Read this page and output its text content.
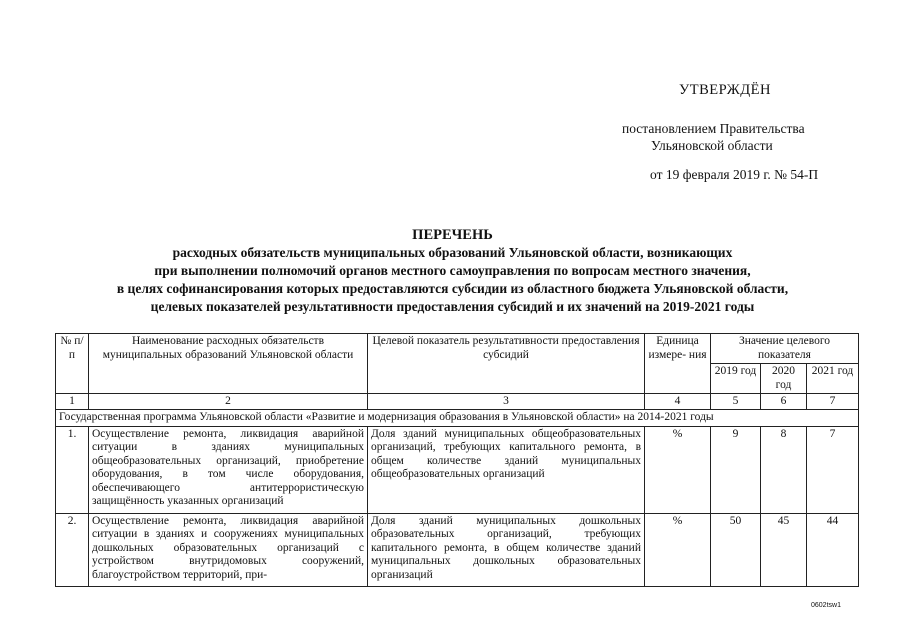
УТВЕРЖДЁН
постановлением Правительства
Ульяновской области
от 19 февраля 2019 г. № 54-П
ПЕРЕЧЕНЬ
расходных обязательств муниципальных образований Ульяновской области, возникающих
при выполнении полномочий органов местного самоуправления по вопросам местного значения,
в целях софинансирования которых предоставляются субсидии из областного бюджета Ульяновской области,
целевых показателей результативности предоставления субсидий и их значений на 2019-2021 годы
№ п/п	Наименование расходных обязательств муниципальных образований Ульяновской области	Целевой показатель результативности предоставления субсидий	Единица измере- ния	Значение целевого показателя		
				2019 год	2020 год	2021 год
1	2	3	4	5	6	7
Государственная программа Ульяновской области «Развитие и модернизация образования в Ульяновской области» на 2014-2021 годы						
1.	Осуществление ремонта, ликвидация аварийной ситуации в зданиях муниципальных общеобразовательных организаций, приобретение оборудования, в том числе оборудования, обеспечивающего антитеррористическую защищённость указанных организаций	Доля зданий муниципальных общеобразовательных организаций, требующих капитального ремонта, в общем количестве зданий муниципальных общеобразовательных организаций	%	9	8	7
2.	Осуществление ремонта, ликвидация аварийной ситуации в зданиях и сооружениях муниципальных дошкольных образовательных организаций с устройством внутридомовых сооружений, благоустройством территорий, при-	Доля зданий муниципальных дошкольных образовательных организаций, требующих капитального ремонта, в общем количестве зданий муниципальных дошкольных образовательных организаций	%	50	45	44
0602tsw1
